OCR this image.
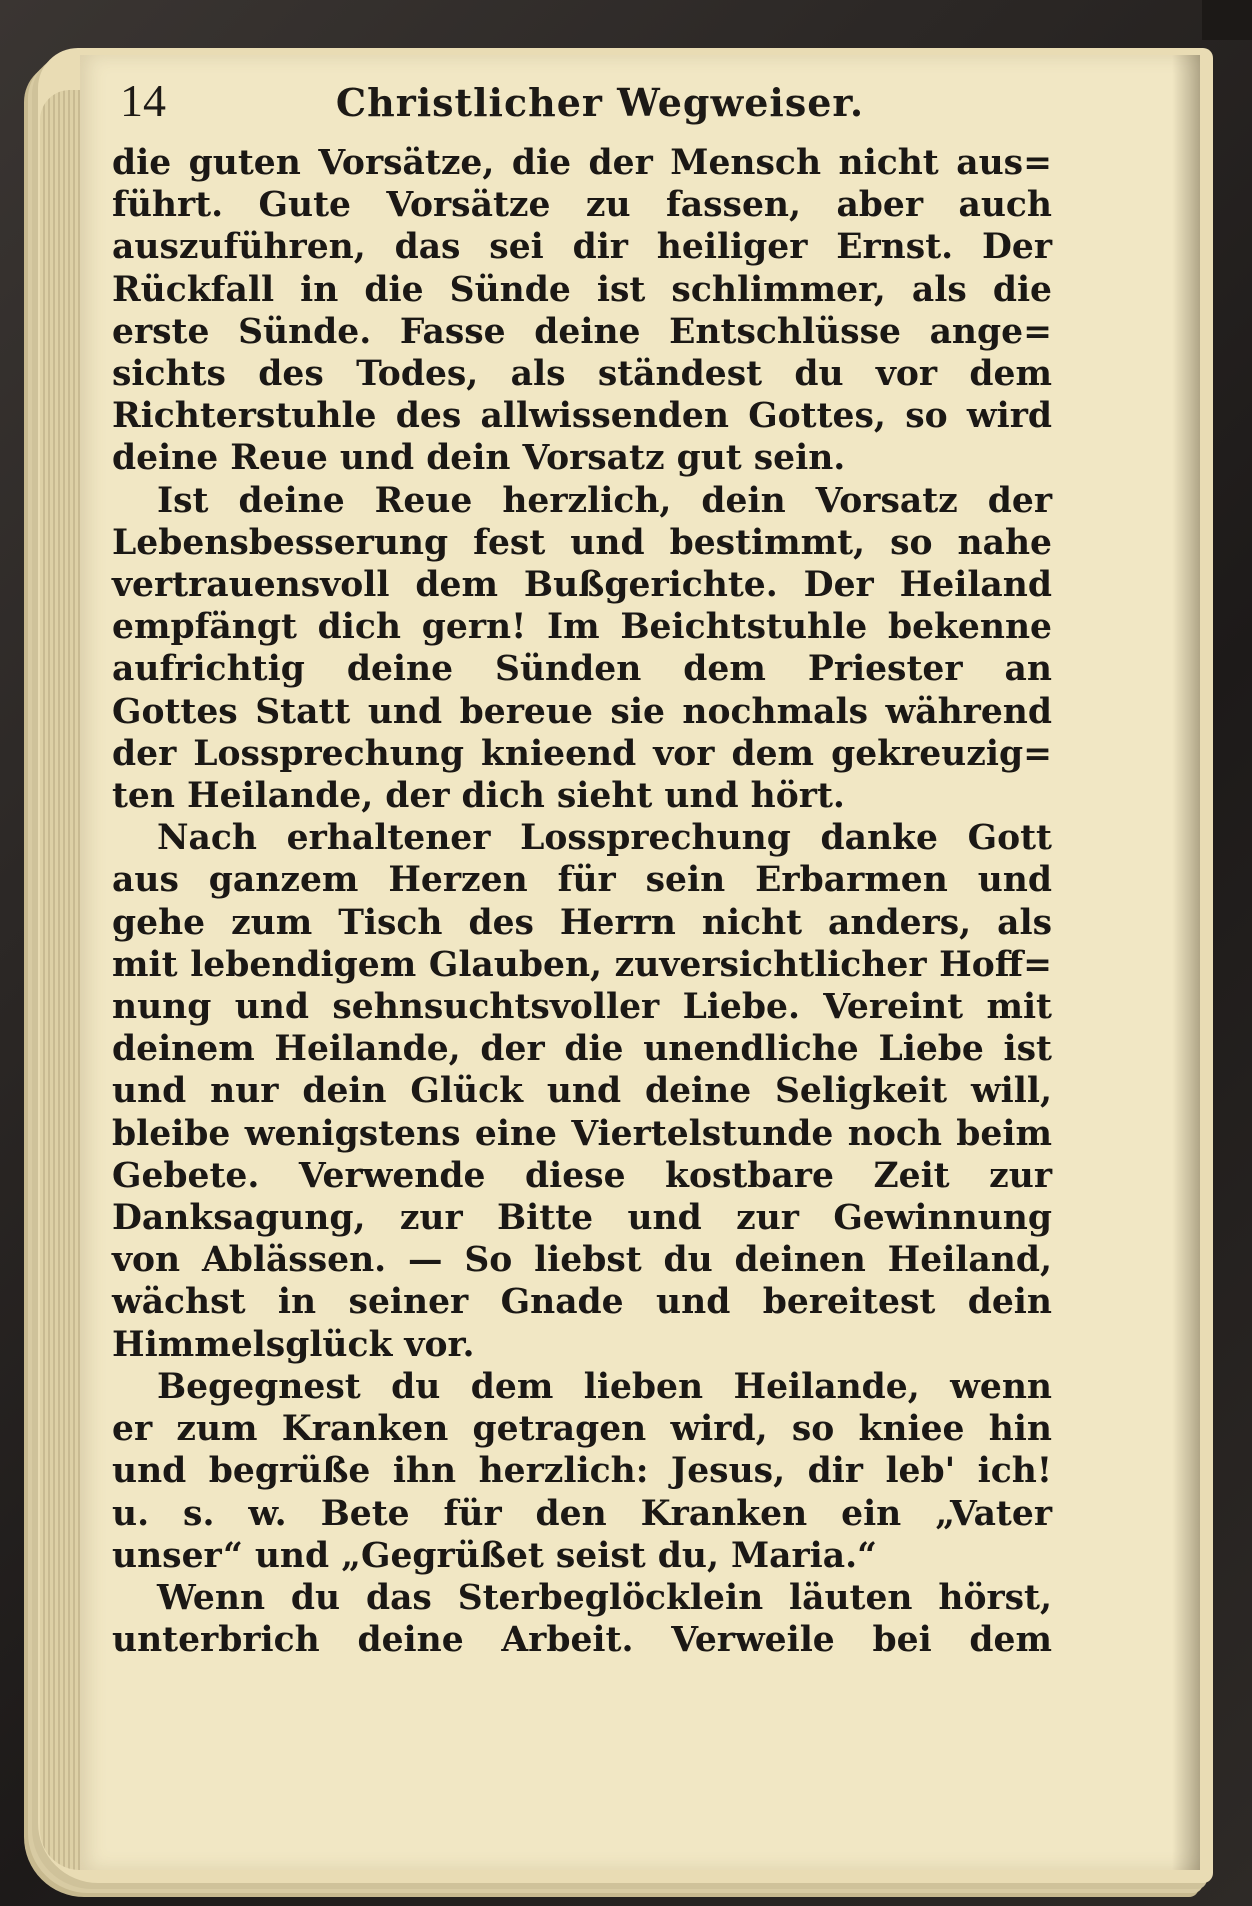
14	Christlicher Wegweiser.
die guten Vorsätze, die der Mensch nicht aus=
führt. Gute Vorsätze zu fassen, aber auch
auszuführen, das sei dir heiliger Ernst. Der
Rückfall in die Sünde ist schlimmer, als die
erste Sünde. Fasse deine Entschlüsse ange=
sichts des Todes, als ständest du vor dem
Richterstuhle des allwissenden Gottes, so wird
deine Reue und dein Vorsatz gut sein.
Ist deine Reue herzlich, dein Vorsatz der
Lebensbesserung fest und bestimmt, so nahe
vertrauensvoll dem Bußgerichte. Der Heiland
empfängt dich gern! Im Beichtstuhle bekenne
aufrichtig deine Sünden dem Priester an
Gottes Statt und bereue sie nochmals während
der Lossprechung knieend vor dem gekreuzig=
ten Heilande, der dich sieht und hört.
Nach erhaltener Lossprechung danke Gott
aus ganzem Herzen für sein Erbarmen und
gehe zum Tisch des Herrn nicht anders, als
mit lebendigem Glauben, zuversichtlicher Hoff=
nung und sehnsuchtsvoller Liebe. Vereint mit
deinem Heilande, der die unendliche Liebe ist
und nur dein Glück und deine Seligkeit will,
bleibe wenigstens eine Viertelstunde noch beim
Gebete. Verwende diese kostbare Zeit zur
Danksagung, zur Bitte und zur Gewinnung
von Ablässen. — So liebst du deinen Heiland,
wächst in seiner Gnade und bereitest dein
Himmelsglück vor.
Begegnest du dem lieben Heilande, wenn
er zum Kranken getragen wird, so kniee hin
und begrüße ihn herzlich: Jesus, dir leb' ich!
u. s. w. Bete für den Kranken ein „Vater
unser“ und „Gegrüßet seist du, Maria.“
Wenn du das Sterbeglöcklein läuten hörst,
unterbrich deine Arbeit. Verweile bei dem
